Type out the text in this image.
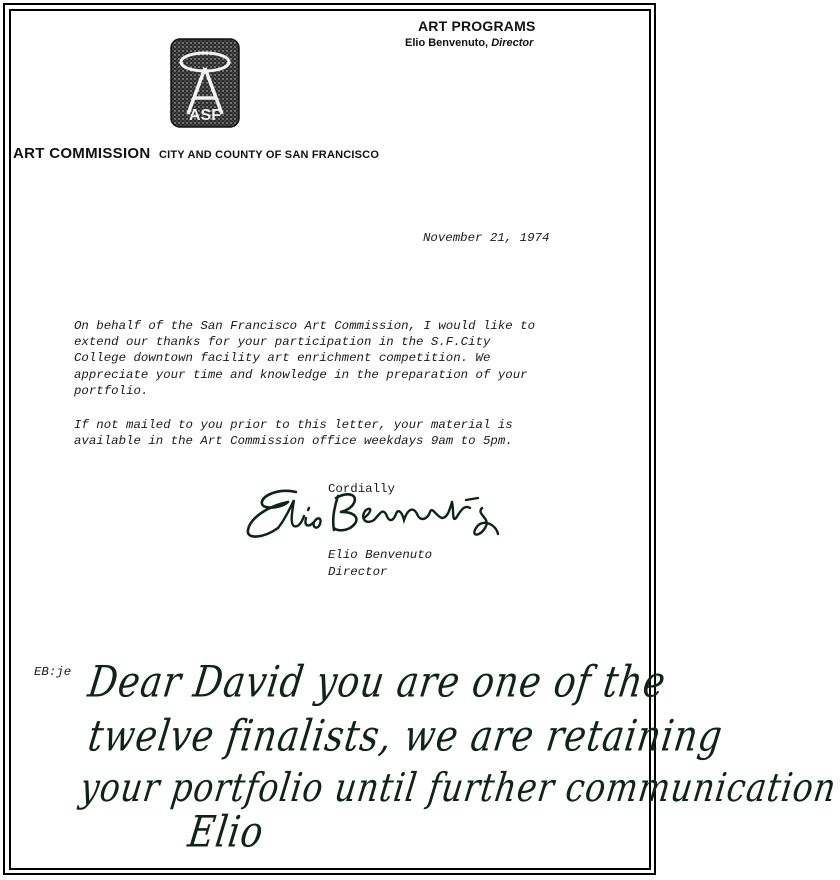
ART PROGRAMS
Elio Benvenuto, Director
ASF
ART COMMISSION CITY AND COUNTY OF SAN FRANCISCO
November 21, 1974
On behalf of the San Francisco Art Commission, I would like to
extend our thanks for your participation in the S.F.City
College downtown facility art enrichment competition. We
appreciate your time and knowledge in the preparation of your
portfolio.
If not mailed to you prior to this letter, your material is
available in the Art Commission office weekdays 9am to 5pm.
Cordially
Elio Benvenuto
Director
EB:je Dear David you are one of the
twelve finalists, we are retaining
your portfolio until further communication
Elio
